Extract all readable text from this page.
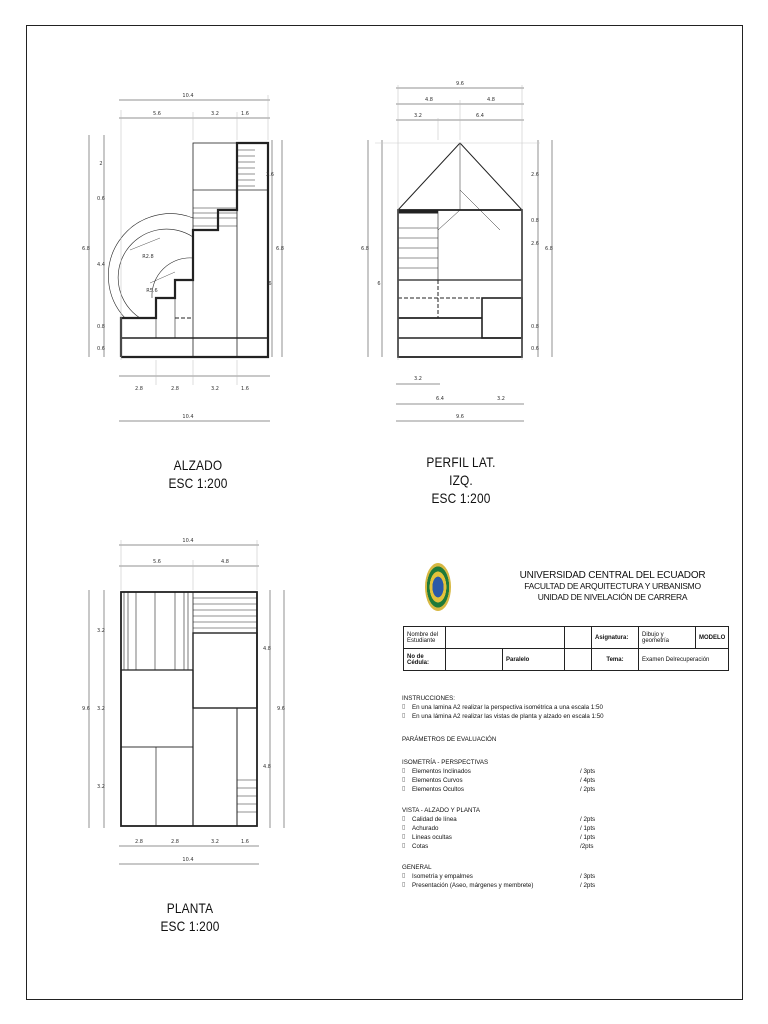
10.4
5.6	3.2	1.6
2.8	2.8	3.2	1.6
10.4
2
0.6
4.4
0.8
0.6
6.8	6.8
2.6
6
R5.6
R2.8
9.6
4.8	4.8
3.2	6.4
3.2
6.4	3.2
9.6
6.8
6
2.6
0.8
2.6
0.8
0.6
6.8
10.4
5.6	4.8
2.8	2.8	3.2	1.6
10.4
3.2
3.2
3.2
9.6
4.8
4.8
9.6
ALZADO
ESC 1:200
PERFIL LAT. IZQ.
ESC 1:200
PLANTA
ESC 1:200
UNIVERSIDAD CENTRAL DEL ECUADOR
FACULTAD DE ARQUITECTURA Y URBANISMO
UNIDAD DE NIVELACIÓN DE CARRERA
Nombre del Estudiante				Asignatura:	Dibujo y geometría	MODELO
No de Cédula:		Paralelo		Tema:	Examen Delrecuperación	
INSTRUCCIONES:
▯	En una lamina A2 realizar la perspectiva isométrica a una escala 1:50
▯	En una lámina A2 realizar las vistas de planta y alzado en escala 1:50
PARÁMETROS DE EVALUACIÓN
ISOMETRÍA - PERSPECTIVAS
▯	Elementos Inclinados	/ 3pts
▯	Elementos Curvos	/ 4pts
▯	Elementos Ocultos	/ 2pts
VISTA - ALZADO Y PLANTA
▯	Calidad de línea	/ 2pts
▯	Achurado	/ 1pts
▯	Líneas ocultas	/ 1pts
▯	Cotas	/2pts
GENERAL
▯	Isometría y empalmes	/ 3pts
▯	Presentación (Aseo, márgenes y membrete)	/ 2pts
